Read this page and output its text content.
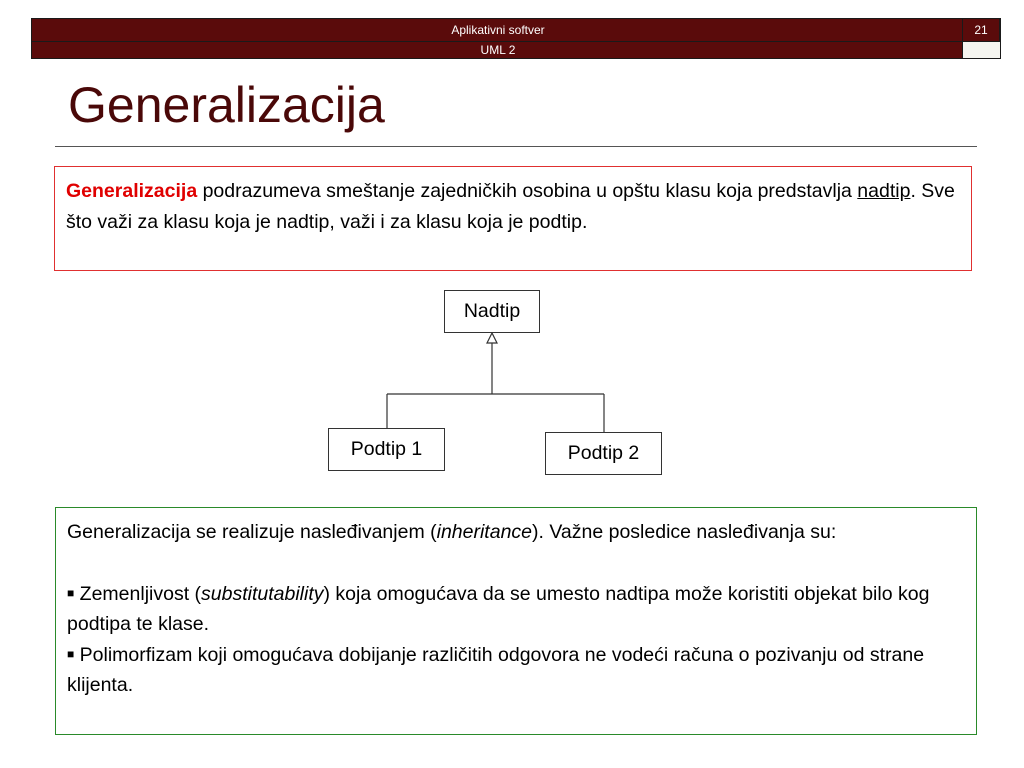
Aplikativni softver	21
UML 2
Generalizacija
Generalizacija podrazumeva smeštanje zajedničkih osobina u opštu klasu koja predstavlja nadtip. Sve što važi za klasu koja je nadtip, važi i za klasu koja je podtip.
Nadtip
Podtip 1	Podtip 2

Generalizacija se realizuje nasleđivanjem (inheritance). Važne posledice nasleđivanja su:

■ Zemenljivost (substitutability) koja omogućava da se umesto nadtipa može koristiti objekat bilo kog podtipa te klase.

■ Polimorfizam koji omogućava dobijanje različitih odgovora ne vodeći računa o pozivanju od strane klijenta.
